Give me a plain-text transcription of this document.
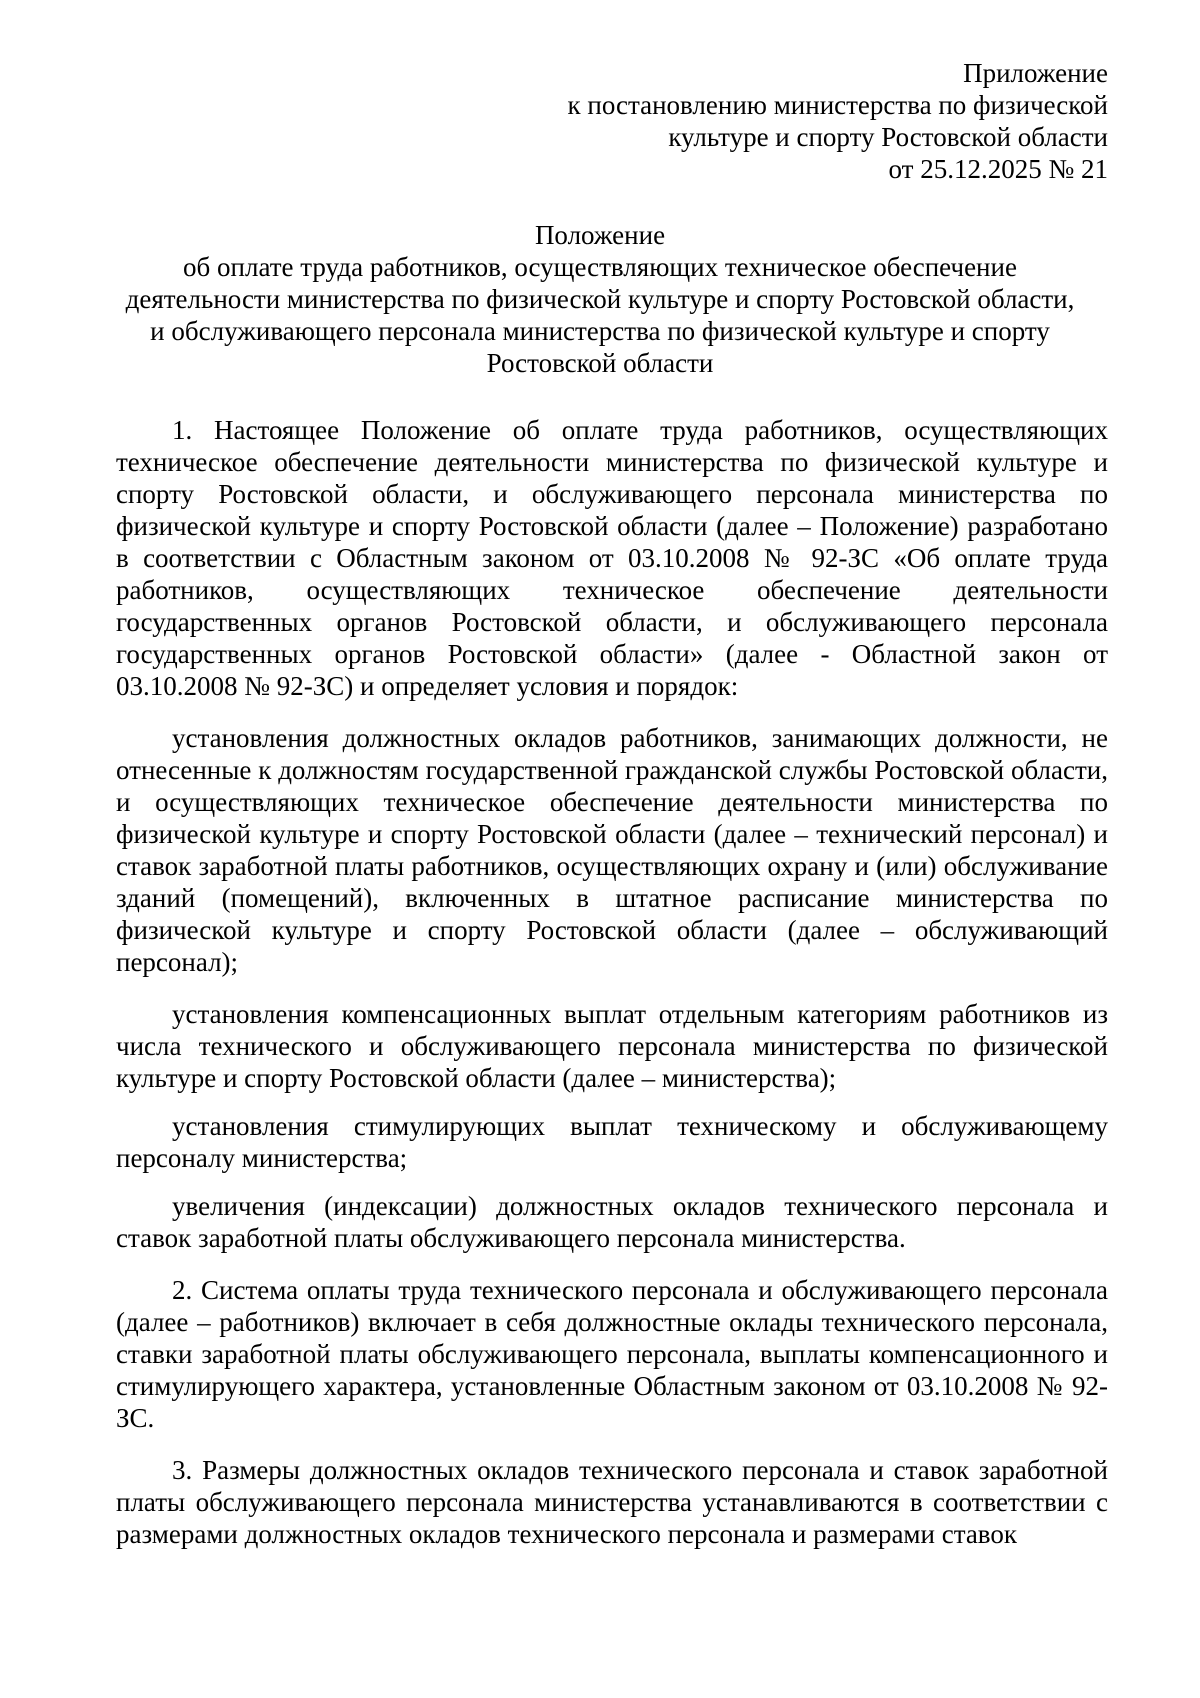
Приложение
к постановлению министерства по физической
культуре и спорту Ростовской области
от 25.12.2025 № 21
Положение
об оплате труда работников, осуществляющих техническое обеспечение
деятельности министерства по физической культуре и спорту Ростовской области,
и обслуживающего персонала министерства по физической культуре и спорту
Ростовской области

1. Настоящее Положение об оплате труда работников, осуществляющих техническое обеспечение деятельности министерства по физической культуре и спорту Ростовской области, и обслуживающего персонала министерства по физической культуре и спорту Ростовской области (далее – Положение) разработано в соответствии с Областным законом от 03.10.2008 № 92-ЗС «Об оплате труда работников, осуществляющих техническое обеспечение деятельности государственных органов Ростовской области, и обслуживающего персонала государственных органов Ростовской области» (далее - Областной закон от 03.10.2008 № 92-ЗС) и определяет условия и порядок:

установления должностных окладов работников, занимающих должности, не отнесенные к должностям государственной гражданской службы Ростовской области, и осуществляющих техническое обеспечение деятельности министерства по физической культуре и спорту Ростовской области (далее – технический персонал) и ставок заработной платы работников, осуществляющих охрану и (или) обслуживание зданий (помещений), включенных в штатное расписание министерства по физической культуре и спорту Ростовской области (далее – обслуживающий персонал);

установления компенсационных выплат отдельным категориям работников из числа технического и обслуживающего персонала министерства по физической культуре и спорту Ростовской области (далее – министерства);

установления стимулирующих выплат техническому и обслуживающему персоналу министерства;

увеличения (индексации) должностных окладов технического персонала и ставок заработной платы обслуживающего персонала министерства.

2. Система оплаты труда технического персонала и обслуживающего персонала (далее – работников) включает в себя должностные оклады технического персонала, ставки заработной платы обслуживающего персонала, выплаты компенсационного и стимулирующего характера, установленные Областным законом от 03.10.2008 № 92-ЗС.

3. Размеры должностных окладов технического персонала и ставок заработной платы обслуживающего персонала министерства устанавливаются в соответствии с размерами должностных окладов технического персонала и размерами ставок
